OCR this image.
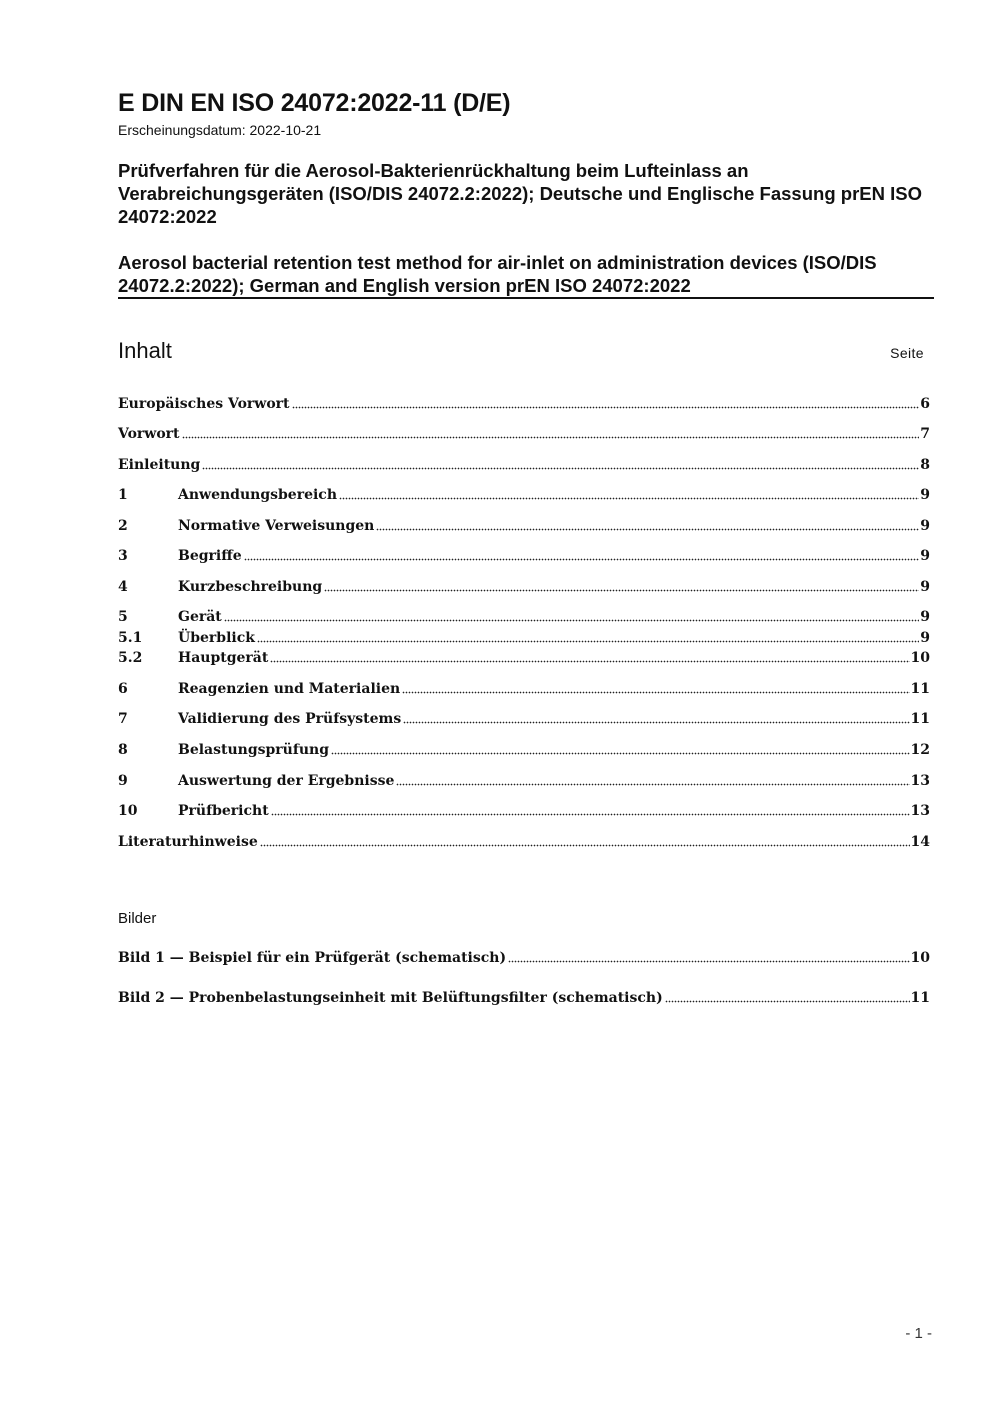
E DIN EN ISO 24072:2022-11 (D/E)
Erscheinungsdatum: 2022-10-21
Prüfverfahren für die Aerosol-Bakterienrückhaltung beim Lufteinlass an Verabreichungsgeräten (ISO/DIS 24072.2:2022); Deutsche und Englische Fassung prEN ISO 24072:2022
Aerosol bacterial retention test method for air-inlet on administration devices (ISO/DIS 24072.2:2022); German and English version prEN ISO 24072:2022
Inhalt	Seite
Europäisches Vorwort	6
Vorwort	7
Einleitung	8
1	Anwendungsbereich	9
2	Normative Verweisungen	9
3	Begriffe	9
4	Kurzbeschreibung	9
5	Gerät	9
5.1	Überblick	9
5.2	Hauptgerät	10
6	Reagenzien und Materialien	11
7	Validierung des Prüfsystems	11
8	Belastungsprüfung	12
9	Auswertung der Ergebnisse	13
10	Prüfbericht	13
Literaturhinweise	14
Bilder
Bild 1 — Beispiel für ein Prüfgerät (schematisch)	10
Bild 2 — Probenbelastungseinheit mit Belüftungsfilter (schematisch)	11
- 1 -
